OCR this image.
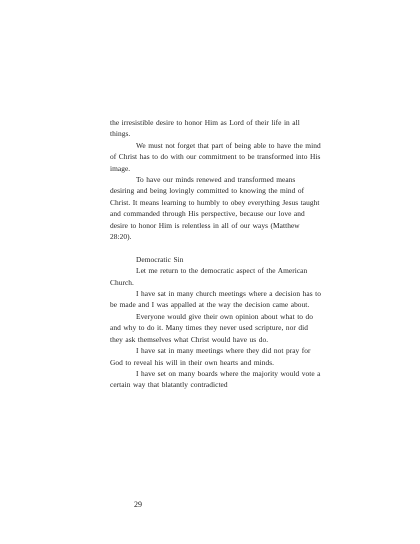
the irresistible desire to honor Him as Lord of their life in all things.

We must not forget that part of being able to have the mind of Christ has to do with our commitment to be transformed into His image.

To have our minds renewed and transformed means desiring and being lovingly committed to knowing the mind of Christ. It means learning to humbly to obey everything Jesus taught and commanded through His perspective, because our love and desire to honor Him is relentless in all of our ways (Matthew 28:20).

Democratic Sin

Let me return to the democratic aspect of the American Church.

I have sat in many church meetings where a decision has to be made and I was appalled at the way the decision came about.

Everyone would give their own opinion about what to do and why to do it. Many times they never used scripture, nor did they ask themselves what Christ would have us do.

I have sat in many meetings where they did not pray for God to reveal his will in their own hearts and minds.

I have set on many boards where the majority would vote a certain way that blatantly contradicted

29
